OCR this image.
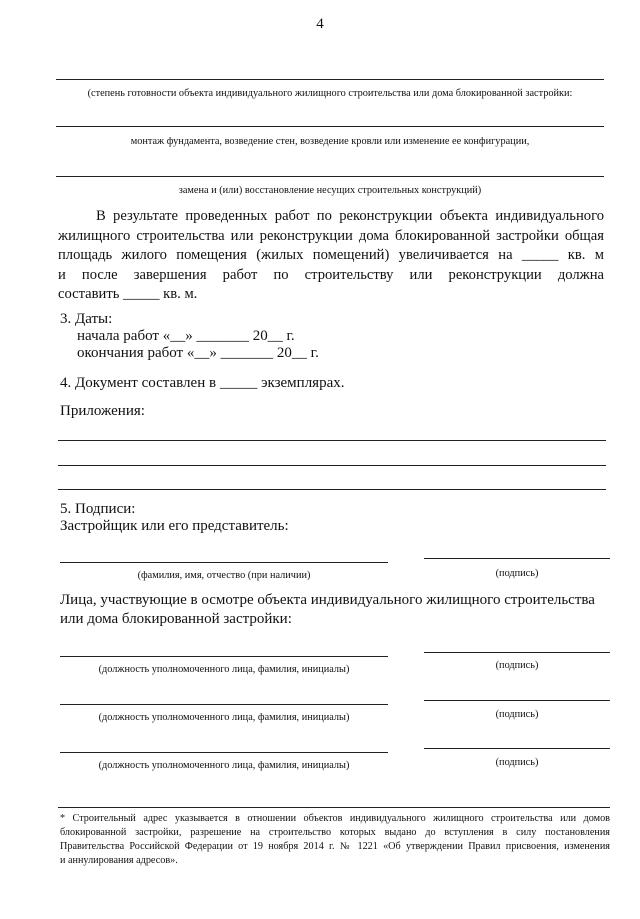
4
(степень готовности объекта индивидуального жилищного строительства или дома блокированной застройки:
монтаж фундамента, возведение стен, возведение кровли или изменение ее конфигурации,
замена и (или) восстановление несущих строительных конструкций)
В результате проведенных работ по реконструкции объекта индивидуального
жилищного строительства или реконструкции дома блокированной застройки общая
площадь жилого помещения (жилых помещений) увеличивается на _____ кв. м
и после завершения работ по строительству или реконструкции должна
составить _____ кв. м.
3. Даты:
начала работ «__» _______ 20__ г.
окончания работ «__» _______ 20__ г.
4. Документ составлен в _____ экземплярах.
Приложения:
5. Подписи:
Застройщик или его представитель:
(фамилия, имя, отчество (при наличии)	(подпись)
Лица, участвующие в осмотре объекта индивидуального жилищного строительства
или дома блокированной застройки:
(должность уполномоченного лица, фамилия, инициалы)	(подпись)
(должность уполномоченного лица, фамилия, инициалы)	(подпись)
(должность уполномоченного лица, фамилия, инициалы)	(подпись)
* Строительный адрес указывается в отношении объектов индивидуального жилищного строительства или домов
блокированной застройки, разрешение на строительство которых выдано до вступления в силу постановления
Правительства Российской Федерации от 19 ноября 2014 г. № 1221 «Об утверждении Правил присвоения, изменения
и аннулирования адресов».
